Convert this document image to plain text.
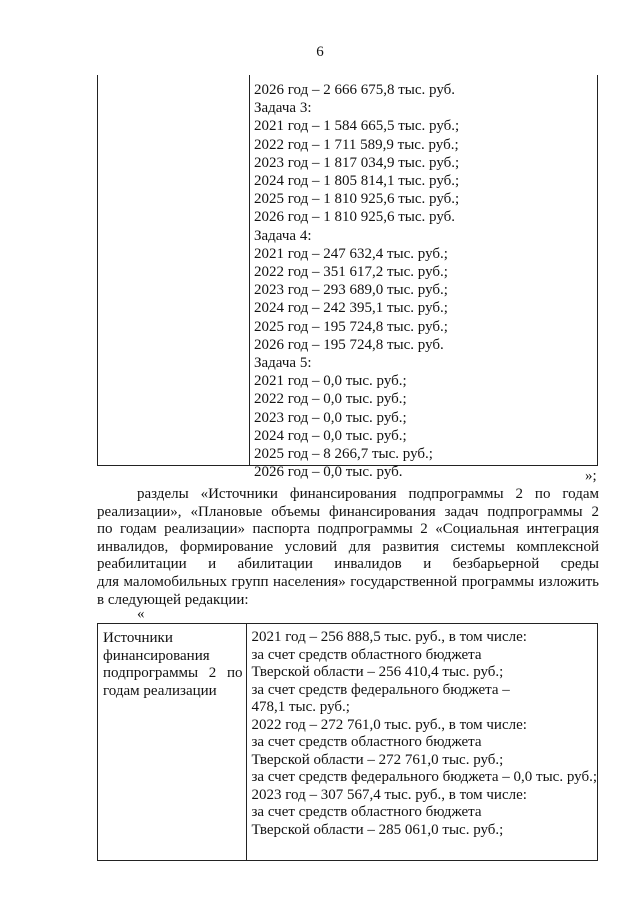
6
2026 год – 2 666 675,8 тыс. руб.
Задача 3:
2021 год – 1 584 665,5 тыс. руб.;
2022 год – 1 711 589,9 тыс. руб.;
2023 год – 1 817 034,9 тыс. руб.;
2024 год – 1 805 814,1 тыс. руб.;
2025 год – 1 810 925,6 тыс. руб.;
2026 год – 1 810 925,6 тыс. руб.
Задача 4:
2021 год – 247 632,4 тыс. руб.;
2022 год – 351 617,2 тыс. руб.;
2023 год – 293 689,0 тыс. руб.;
2024 год – 242 395,1 тыс. руб.;
2025 год – 195 724,8 тыс. руб.;
2026 год – 195 724,8 тыс. руб.
Задача 5:
2021 год – 0,0 тыс. руб.;
2022 год – 0,0 тыс. руб.;
2023 год – 0,0 тыс. руб.;
2024 год – 0,0 тыс. руб.;
2025 год – 8 266,7 тыс. руб.;
2026 год – 0,0 тыс. руб.	»;
разделы «Источники финансирования подпрограммы 2 по годам
реализации», «Плановые объемы финансирования задач подпрограммы 2
по годам реализации» паспорта подпрограммы 2 «Социальная интеграция
инвалидов, формирование условий для развития системы комплексной
реабилитации и абилитации инвалидов и безбарьерной среды
для маломобильных групп населения» государственной программы изложить
в следующей редакции:
«
Источники
финансирования
подпрограммы 2 по
годам реализации
2021 год – 256 888,5 тыс. руб., в том числе:
за счет средств областного бюджета
Тверской области – 256 410,4 тыс. руб.;
за счет средств федерального бюджета –
478,1 тыс. руб.;
2022 год – 272 761,0 тыс. руб., в том числе:
за счет средств областного бюджета
Тверской области – 272 761,0 тыс. руб.;
за счет средств федерального бюджета – 0,0 тыс. руб.;
2023 год – 307 567,4 тыс. руб., в том числе:
за счет средств областного бюджета
Тверской области – 285 061,0 тыс. руб.;
